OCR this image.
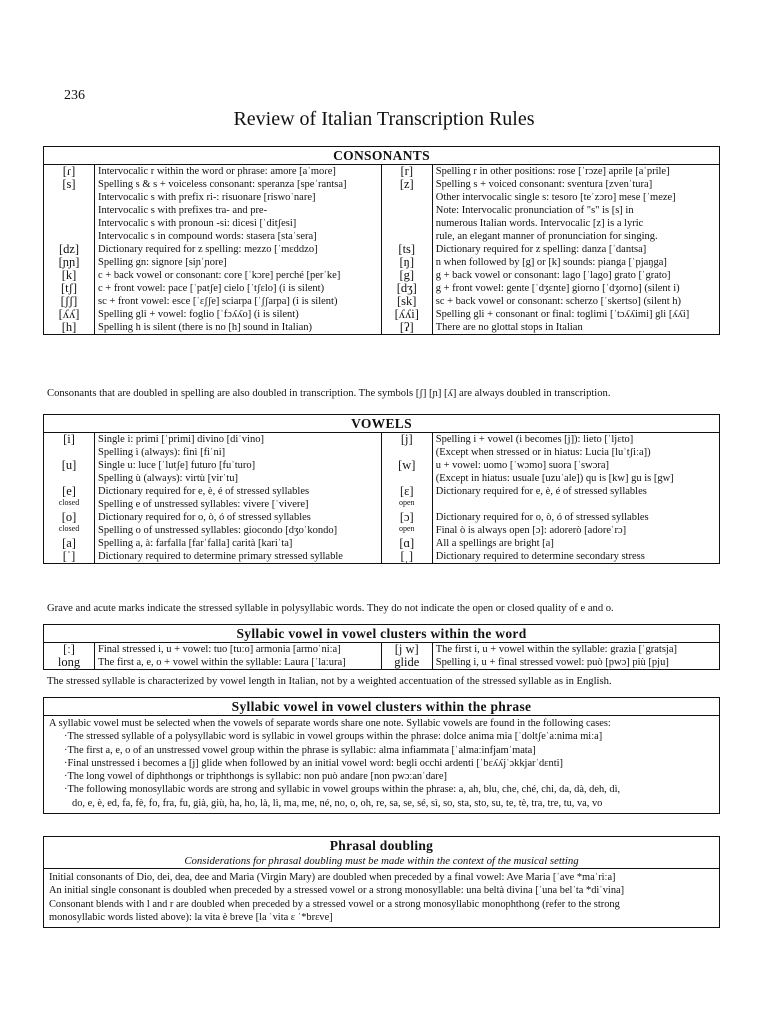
236
Review of Italian Transcription Rules
CONSONANTS
[ɾ]	Intervocalic r within the word or phrase: amore [aˈmoɾe]	[r]	Spelling r in other positions: rose [ˈrɔze] aprile [aˈprile]
[s]	Spelling s & s + voiceless consonant: speranza [speˈrantsa]	[z]	Spelling s + voiced consonant: sventura [zvenˈtura]
	Intervocalic s with prefix ri-: risuonare [riswoˈnare]		Other intervocalic single s: tesoro [teˈzɔro] mese [ˈmeze]
	Intervocalic s with prefixes tra- and pre-		Note: Intervocalic pronunciation of "s" is [s] in
	Intervocalic s with pronoun -si: dicesi [ˈditʃesi]		numerous Italian words. Intervocalic [z] is a lyric
	Intervocalic s in compound words: stasera [staˈsera]		rule, an elegant manner of pronunciation for singing.
[dz]	Dictionary required for z spelling: mezzo [ˈmɛddzo]	[ts]	Dictionary required for z spelling: danza [ˈdantsa]
[ɲɲ]	Spelling gn: signore [siɲˈɲore]	[ŋ]	n when followed by [g] or [k] sounds: pianga [ˈpjaŋga]
[k]	c + back vowel or consonant: core [ˈkɔre] perché [perˈke]	[g]	g + back vowel or consonant: lago [ˈlago] grato [ˈgrato]
[tʃ]	c + front vowel: pace [ˈpatʃe] cielo [ˈtʃɛlo] (i is silent)	[dʒ]	g + front vowel: gente [ˈdʒɛnte] giorno [ˈdʒorno] (silent i)
[ʃʃ]	sc + front vowel: esce [ˈɛʃʃe] sciarpa [ˈʃʃarpa] (i is silent)	[sk]	sc + back vowel or consonant: scherzo [ˈskertso] (silent h)
[ʎʎ]	Spelling gli + vowel: foglio [ˈfɔʎʎo] (i is silent)	[ʎʎi]	Spelling gli + consonant or final: toglimi [ˈtɔʎʎimi] gli [ʎʎi]
[h]	Spelling h is silent (there is no [h] sound in Italian)	[ʔ]	There are no glottal stops in Italian
Consonants that are doubled in spelling are also doubled in transcription. The symbols [ʃ] [ɲ] [ʎ] are always doubled in transcription.
VOWELS
[i]	Single i: primi [ˈprimi] divino [diˈvino]	[j]	Spelling i + vowel (i becomes [j]): lieto [ˈljɛto]
	Spelling ì (always): finì [fiˈni]		(Except when stressed or in hiatus: Lucia [luˈtʃiːa])
[u]	Single u: luce [ˈlutʃe] futuro [fuˈturo]	[w]	u + vowel: uomo [ˈwɔmo] suora [ˈswɔra]
	Spelling ù (always): virtù [virˈtu]		(Except in hiatus: usuale [uzuˈale]) qu is [kw] gu is [gw]
[e]	Dictionary required for e, è, é of stressed syllables	[ɛ]	Dictionary required for e, è, é of stressed syllables
closed	Spelling e of unstressed syllables: vivere [ˈvivere]	open	
[o]	Dictionary required for o, ò, ó of stressed syllables	[ɔ]	Dictionary required for o, ò, ó of stressed syllables
closed	Spelling o of unstressed syllables: giocondo [dʒoˈkondo]	open	Final ò is always open [ɔ]: adorerò [adoreˈrɔ]
[a]	Spelling a, à: farfalla [farˈfalla] carità [kariˈta]	[ɑ]	All a spellings are bright [a]
[ˈ]	Dictionary required to determine primary stressed syllable	[ˌ]	Dictionary required to determine secondary stress
Grave and acute marks indicate the stressed syllable in polysyllabic words. They do not indicate the open or closed quality of e and o.
Syllabic vowel in vowel clusters within the word
[ː]	Final stressed i, u + vowel: tuo [tuːo] armonia [armoˈniːa]	[j w]	The first i, u + vowel within the syllable: grazia [ˈgratsja]
long	The first a, e, o + vowel within the syllable: Laura [ˈlaːura]	glide	Spelling i, u + final stressed vowel: può [pwɔ] più [pju]
The stressed syllable is characterized by vowel length in Italian, not by a weighted accentuation of the stressed syllable as in English.
Syllabic vowel in vowel clusters within the phrase
A syllabic vowel must be selected when the vowels of separate words share one note. Syllabic vowels are found in the following cases:
·The stressed syllable of a polysyllabic word is syllabic in vowel groups within the phrase: dolce anima mia [ˈdoltʃeˈaːnima miːa]
·The first a, e, o of an unstressed vowel group within the phrase is syllabic: alma infiammata [ˈalmaːinfjamˈmata]
·Final unstressed i becomes a [j] glide when followed by an initial vowel word: begli occhi ardenti [ˈbɛʎʎjˈɔkkjarˈdɛnti]
·The long vowel of diphthongs or triphthongs is syllabic: non può andare [non pwɔːanˈdare]
·The following monosyllabic words are strong and syllabic in vowel groups within the phrase: a, ah, blu, che, ché, chi, da, dà, deh, dì,
do, e, è, ed, fa, fè, fo, fra, fu, già, giù, ha, ho, là, lì, ma, me, né, no, o, oh, re, sa, se, sé, sì, so, sta, sto, su, te, tè, tra, tre, tu, va, vo
Phrasal doubling
Considerations for phrasal doubling must be made within the context of the musical setting
Initial consonants of Dio, dei, dea, dee and Maria (Virgin Mary) are doubled when preceded by a final vowel: Ave Maria [ˈave *maˈriːa]
An initial single consonant is doubled when preceded by a stressed vowel or a strong monosyllable: una beltà divina [ˈuna belˈta *diˈvina]
Consonant blends with l and r are doubled when preceded by a stressed vowel or a strong monosyllabic monophthong (refer to the strong
monosyllabic words listed above): la vita è breve [la ˈvita ɛ ˈ*brɛve]
